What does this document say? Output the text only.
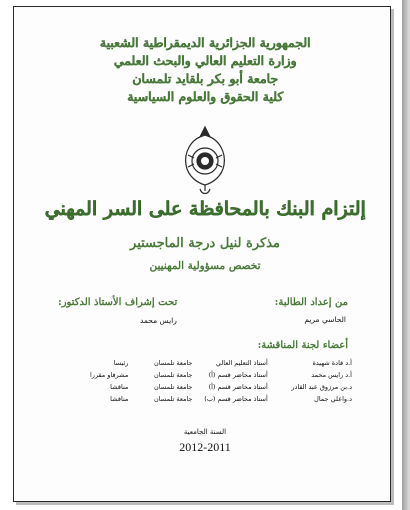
الجمهورية الجزائرية الديمقراطية الشعبية
وزارة التعليم العالي والبحث العلمي
جامعة أبو بكر بلقايد تلمسان
كلية الحقوق والعلوم السياسية
إلتزام البنك بالمحافظة على السر المهني
مذكرة لنيل درجة الماجستير
تخصص مسؤولية المهنيين
من إعداد الطالبة:
الحاسي مريم
تحت إشراف الأستاذ الدكتور:
رايس محمد
أعضاء لجنة المناقشة:
أ.د قادة شهيدة	أستاذ التعليم العالي	جامعة تلمسان	رئيسا
أ.د رايس محمد	أستاذ محاضر قسم (أ)	جامعة تلمسان	مشرفاو مقررا
د.بن مرزوق عبد القادر	أستاذ محاضر قسم (أ)	جامعة تلمسان	مناقشا
د.واعلي جمال	أستاذ محاضر قسم (ب)	جامعة تلمسان	مناقشا
السنة الجامعية
2012-2011
